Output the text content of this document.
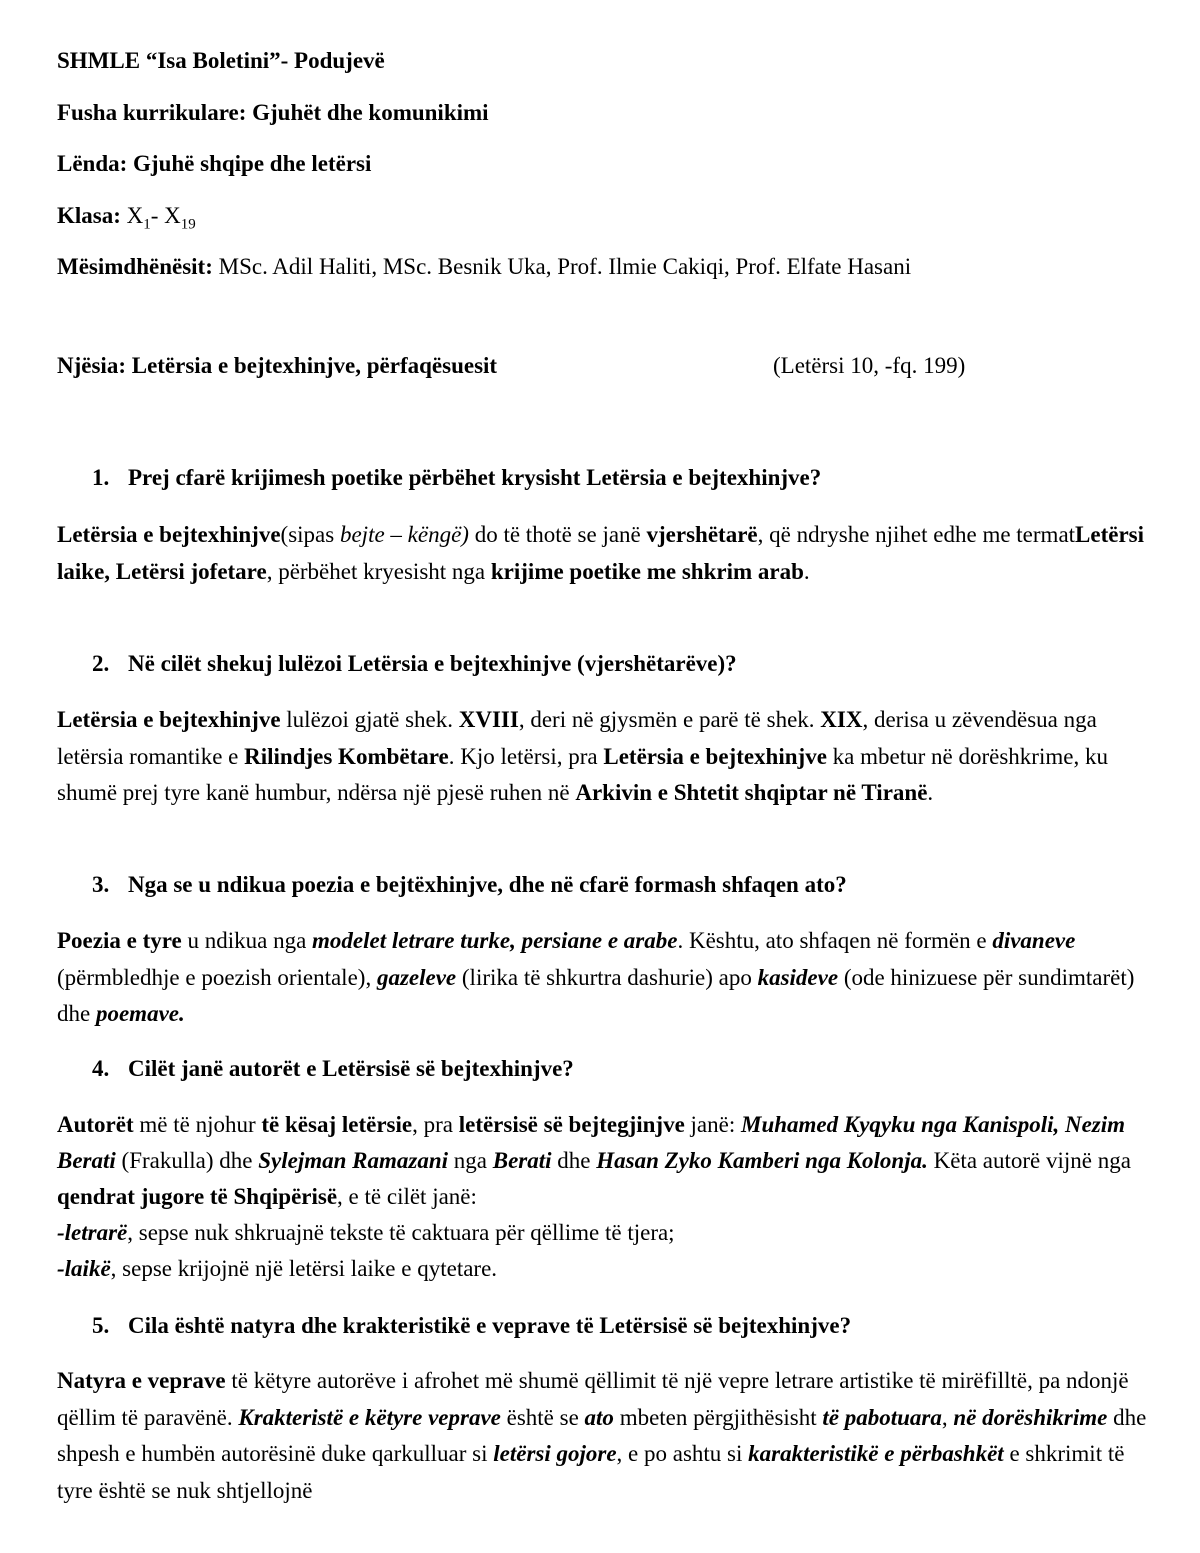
SHMLE “Isa Boletini”- Podujevë
Fusha kurrikulare: Gjuhët dhe komunikimi
Lënda: Gjuhë shqipe dhe letërsi
Klasa: $X_1-$ $X_{19}$
Mësimdhënësit: MSc. Adil Haliti, MSc. Besnik Uka, Prof. Ilmie Cakiqi, Prof. Elfate Hasani
Njësia: Letërsia e bejtexhinjve, përfaqësuesit	(Letërsi 10, -fq. 199)
1. Prej cfarë krijimesh poetike përbëhet krysisht Letërsia e bejtexhinjve?

Letërsia e bejtexhinjve(sipas bejte – këngë) do të thotë se janë vjershëtarë, që ndryshe njihet edhe me termatLetërsi laike, Letërsi jofetare, përbëhet kryesisht nga krijime poetike me shkrim arab.

2. Në cilët shekuj lulëzoi Letërsia e bejtexhinjve (vjershëtarëve)?

Letërsia e bejtexhinjve lulëzoi gjatë shek. XVIII, deri në gjysmën e parë të shek. XIX, derisa u zëvendësua nga letërsia romantike e Rilindjes Kombëtare. Kjo letërsi, pra Letërsia e bejtexhinjve ka mbetur në dorëshkrime, ku shumë prej tyre kanë humbur, ndërsa një pjesë ruhen në Arkivin e Shtetit shqiptar në Tiranë.

3. Nga se u ndikua poezia e bejtëxhinjve, dhe në cfarë formash shfaqen ato?

Poezia e tyre u ndikua nga modelet letrare turke, persiane e arabe. Kështu, ato shfaqen në formën e divaneve (përmbledhje e poezish orientale), gazeleve (lirika të shkurtra dashurie) apo kasideve (ode hinizuese për sundimtarët) dhe poemave.

4. Cilët janë autorët e Letërsisë së bejtexhinjve?

Autorët më të njohur të kësaj letërsie, pra letërsisë së bejtegjinjve janë: Muhamed Kyqyku nga Kanispoli, Nezim Berati (Frakulla) dhe Sylejman Ramazani nga Berati dhe Hasan Zyko Kamberi nga Kolonja. Këta autorë vijnë nga qendrat jugore të Shqipërisë, e të cilët janë:
-letrarë, sepse nuk shkruajnë tekste të caktuara për qëllime të tjera;
-laikë, sepse krijojnë një letërsi laike e qytetare.

5. Cila është natyra dhe krakteristikë e veprave të Letërsisë së bejtexhinjve?

Natyra e veprave të këtyre autorëve i afrohet më shumë qëllimit të një vepre letrare artistike të mirëfilltë, pa ndonjë qëllim të paravënë. Krakteristë e këtyre veprave është se ato mbeten përgjithësisht të pabotuara, në dorëshikrime dhe shpesh e humbën autorësinë duke qarkulluar si letërsi gojore, e po ashtu si karakteristikë e përbashkët e shkrimit të tyre është se nuk shtjellojnë
